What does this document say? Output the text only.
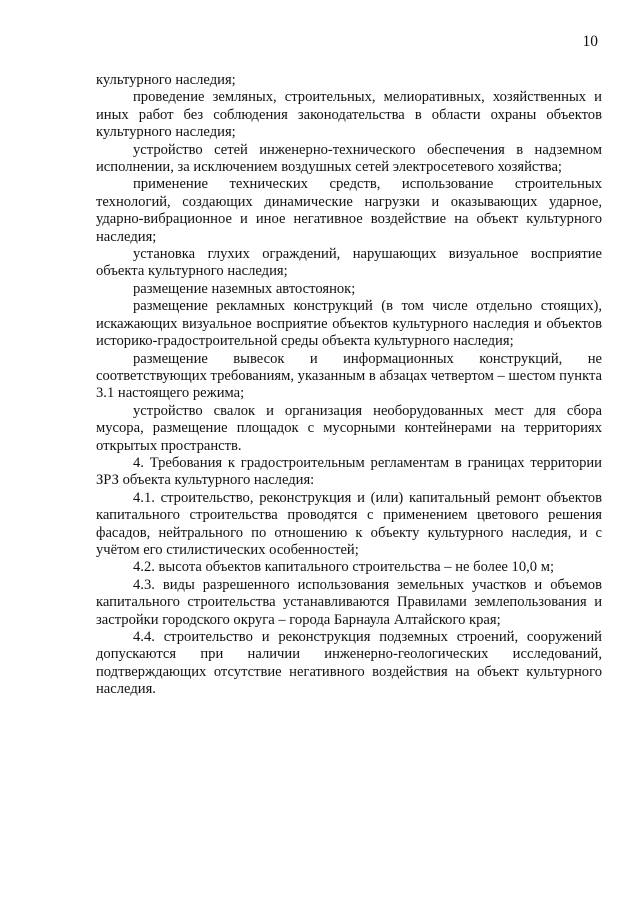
10

культурного наследия;

проведение земляных, строительных, мелиоративных, хозяйственных и иных работ без соблюдения законодательства в области охраны объектов культурного наследия;

устройство сетей инженерно-технического обеспечения в надземном исполнении, за исключением воздушных сетей электросетевого хозяйства;

применение технических средств, использование строительных технологий, создающих динамические нагрузки и оказывающих ударное, ударно-вибрационное и иное негативное воздействие на объект культурного наследия;

установка глухих ограждений, нарушающих визуальное восприятие объекта культурного наследия;

размещение наземных автостоянок;

размещение рекламных конструкций (в том числе отдельно стоящих), искажающих визуальное восприятие объектов культурного наследия и объектов историко-градостроительной среды объекта культурного наследия;

размещение вывесок и информационных конструкций, не соответствующих требованиям, указанным в абзацах четвертом – шестом пункта 3.1 настоящего режима;

устройство свалок и организация необорудованных мест для сбора мусора, размещение площадок с мусорными контейнерами на территориях открытых пространств.

4. Требования к градостроительным регламентам в границах территории ЗРЗ объекта культурного наследия:

4.1. строительство, реконструкция и (или) капитальный ремонт объектов капитального строительства проводятся с применением цветового решения фасадов, нейтрального по отношению к объекту культурного наследия, и с учётом его стилистических особенностей;

4.2. высота объектов капитального строительства – не более 10,0 м;

4.3. виды разрешенного использования земельных участков и объемов капитального строительства устанавливаются Правилами землепользования и застройки городского округа – города Барнаула Алтайского края;

4.4. строительство и реконструкция подземных строений, сооружений допускаются при наличии инженерно-геологических исследований, подтверждающих отсутствие негативного воздействия на объект культурного наследия.
